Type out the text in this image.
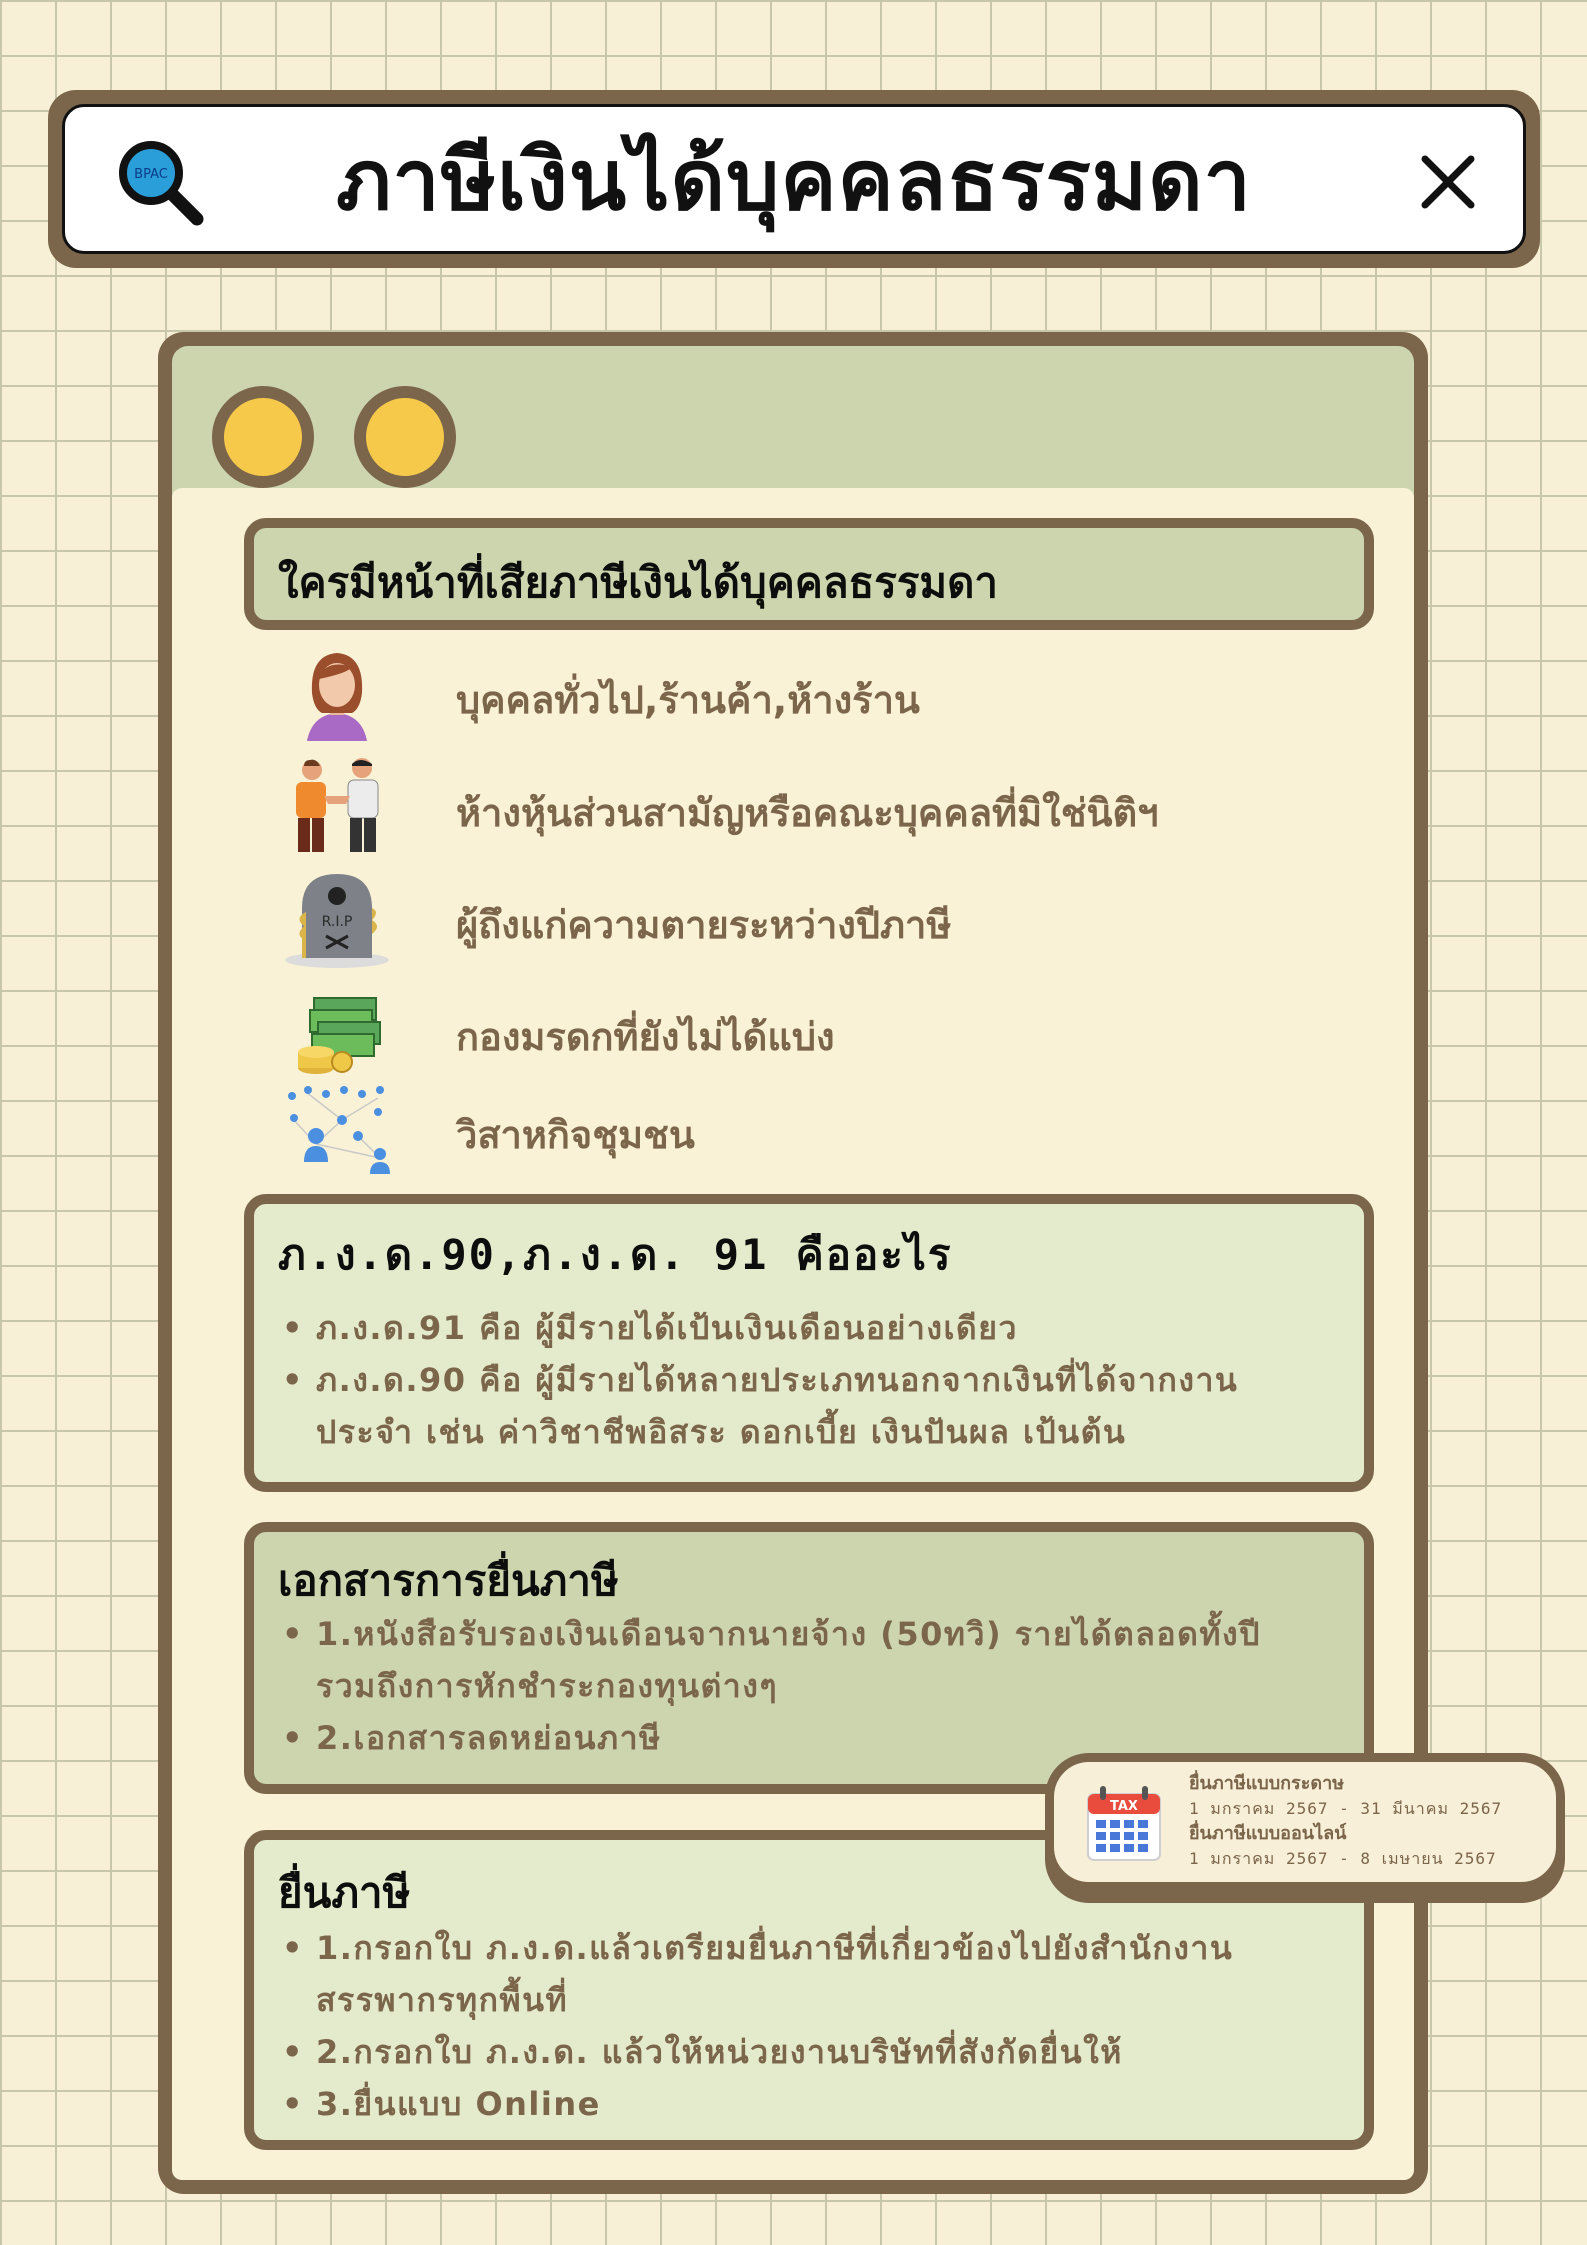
BPAC	ภาษีเงินได้บุคคลธรรมดา
ใครมีหน้าที่เสียภาษีเงินได้บุคคลธรรมดา
บุคคลทั่วไป,ร้านค้า,ห้างร้าน
ห้างหุ้นส่วนสามัญหรือคณะบุคคลที่มิใช่นิติฯ
R.I.P	ผู้ถึงแก่ความตายระหว่างปีภาษี
กองมรดกที่ยังไม่ได้แบ่ง
วิสาหกิจชุมชน
ภ.ง.ด.90,ภ.ง.ด. 91 คืออะไร
• ภ.ง.ด.91 คือ ผู้มีรายได้เป้นเงินเดือนอย่างเดียว
• ภ.ง.ด.90 คือ ผู้มีรายได้หลายประเภทนอกจากเงินที่ได้จากงานประจำ เช่น ค่าวิชาชีพอิสระ ดอกเบี้ย เงินปันผล เป้นต้น
เอกสารการยื่นภาษี
• 1.หนังสือรับรองเงินเดือนจากนายจ้าง (50ทวิ) รายได้ตลอดทั้งปี รวมถึงการหักชำระกองทุนต่างๆ
• 2.เอกสารลดหย่อนภาษี
ยื่นภาษี
• 1.กรอกใบ ภ.ง.ด.แล้วเตรียมยื่นภาษีที่เกี่ยวข้องไปยังสำนักงานสรรพากรทุกพื้นที่
• 2.กรอกใบ ภ.ง.ด. แล้วให้หน่วยงานบริษัทที่สังกัดยื่นให้
• 3.ยื่นแบบ Online
TAX
ยื่นภาษีแบบกระดาษ
1 มกราคม 2567 - 31 มีนาคม 2567
ยื่นภาษีแบบออนไลน์
1 มกราคม 2567 - 8 เมษายน 2567
